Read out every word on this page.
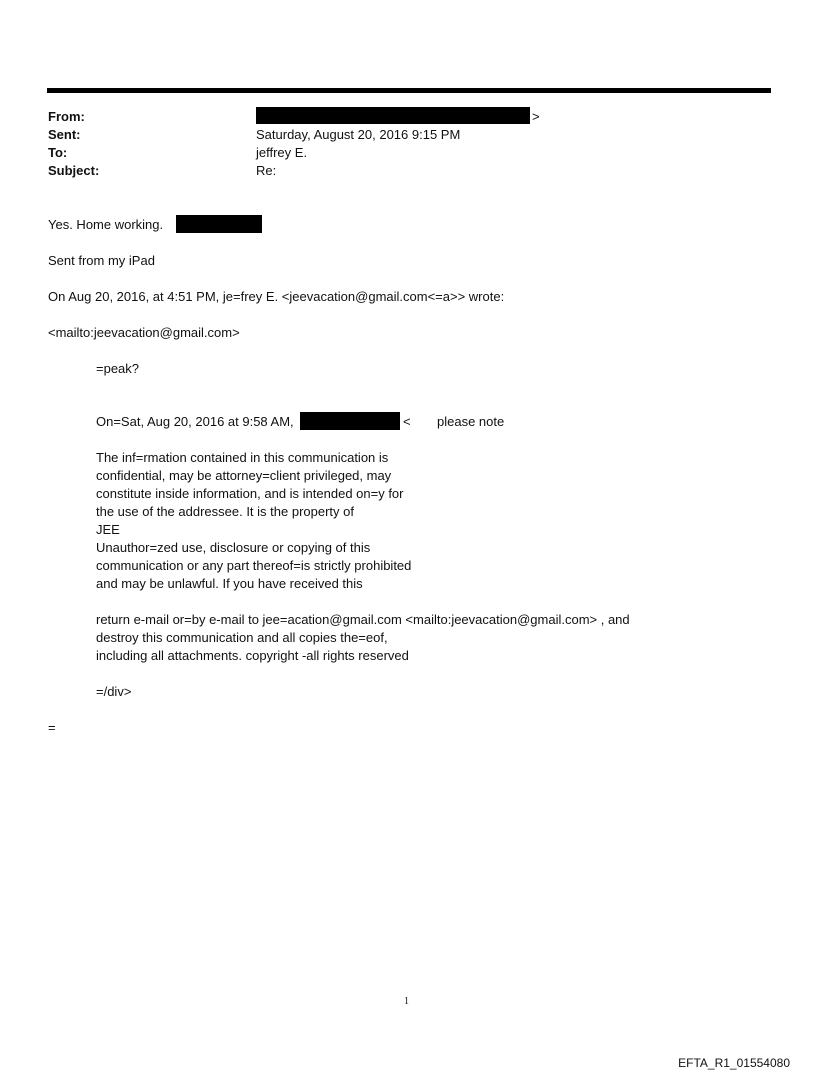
From:	>
Sent:	Saturday, August 20, 2016 9:15 PM
To:	jeffrey E.
Subject:	Re:
Yes. Home working.
Sent from my iPad
On Aug 20, 2016, at 4:51 PM, je=frey E. <jeevacation@gmail.com<=a>> wrote:
<mailto:jeevacation@gmail.com>
=peak?
On=Sat, Aug 20, 2016 at 9:58 AM,	< please note
The inf=rmation contained in this communication is
confidential, may be attorney=client privileged, may
constitute inside information, and is intended on=y for
the use of the addressee. It is the property of
JEE
Unauthor=zed use, disclosure or copying of this
communication or any part thereof=is strictly prohibited
and may be unlawful. If you have received this
return e-mail or=by e-mail to jee=acation@gmail.com <mailto:jeevacation@gmail.com> , and
destroy this communication and all copies the=eof,
including all attachments. copyright -all rights reserved
=/div>
=
1
EFTA_R1_01554080
